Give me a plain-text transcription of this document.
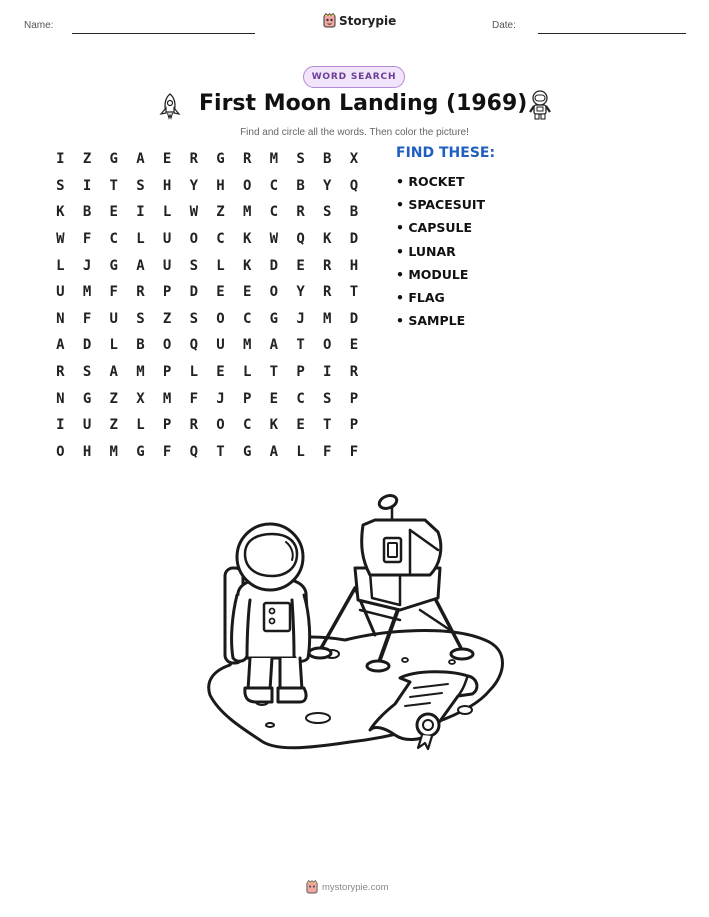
Name:	Storypie	Date:
WORD SEARCH
First Moon Landing (1969)
Find and circle all the words. Then color the picture!
I	Z	G	A	E	R	G	R	M	S	B	X
S	I	T	S	H	Y	H	O	C	B	Y	Q
K	B	E	I	L	W	Z	M	C	R	S	B
W	F	C	L	U	O	C	K	W	Q	K	D
L	J	G	A	U	S	L	K	D	E	R	H
U	M	F	R	P	D	E	E	O	Y	R	T
N	F	U	S	Z	S	O	C	G	J	M	D
A	D	L	B	O	Q	U	M	A	T	O	E
R	S	A	M	P	L	E	L	T	P	I	R
N	G	Z	X	M	F	J	P	E	C	S	P
I	U	Z	L	P	R	O	C	K	E	T	P
O	H	M	G	F	Q	T	G	A	L	F	F
FIND THESE:
• ROCKET
• SPACESUIT
• CAPSULE
• LUNAR
• MODULE
• FLAG
• SAMPLE
mystorypie.com
